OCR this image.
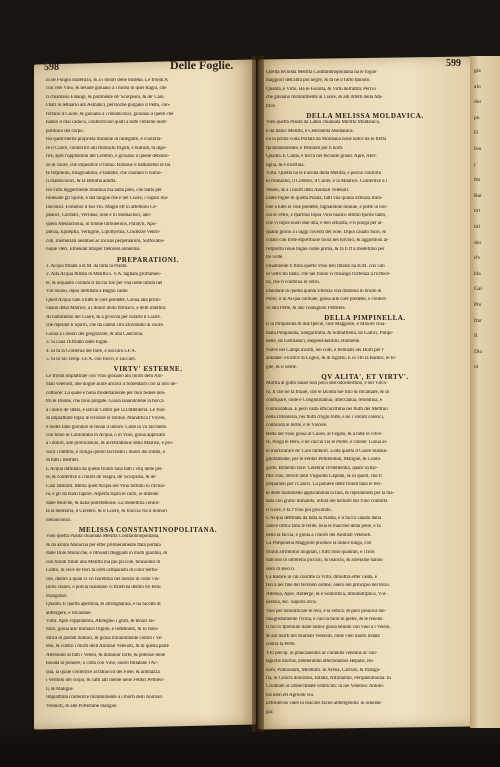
598	Delle Foglie.	599
ni de Funghi malefichi, & à i dolori delle budella. Le frondi A
con l'ele Vino, & beuute giouano à i morsi di quei Ragni, che
fi chiamano Falangi, & parimente de' Scorpioni, & de' Cani.
Diafi in lettuario alli Asmatici, perciòche purgano il Petto, con-
fortano il Cuore, & giouano à i melancolici, giouano à quelli che
hanno il mal caduco, conferifcono quafi à tutte l'interne indif-
pofitioni del corpo.
Ha quest'Herba proprietà mirabile di rallegrare, e conforta-
re il Cuore, conferifce alli ftomachi frigidi, e humidi, fà dige-
rire, apre l'oppilationi del Cerebro, e giouano à quelle debolez-
ze di cuore, che impedifce il fonno. Rimoue il battimento le fal.
fe fofpitioni, imaginationi, e fantafie, che caufano li humo-
ri malenconici, & la flemma adufta.
Ha virtù leggermente foluitiua ma tanta però, che bafta per
folleuare gli Spiriti, e dal fangue che è nel Cuore, i vapori ma-
linconici. Fomentò il fuo vfo. Magni eff in affettioni Ce-
phalici, Cardiaci, Verrinas, nine è in Stomachici, ado-
quein Melancholia, in fomne turbolentos, Paralyfi, Apo-
plexia, Epilepfia, Vertigine, Lipothymia, Crudezze Ventri-
culi, memoriali nentibus ac loculis perpetuarum, Suffocatio-
nique vteri, Emendat infuper fætorem anhelitus.
PREPARATIONI.
1. Acqua ftillata à B.M. da tutta la Pianta.
2. Alla Acqua ftillata di Meliffa s. V.A. tagliata groffamen-
te, & alquanto contufa fi faccia fiar per vna notte infufa nel
Vin buono, dipoi deftillata à Bagno caldo.
Quell'Acqua vale à tutte le cole predette. Gioua alla profo-
cation della Matrice, à i dolori dello ftomaco, e delli inteftini:
Al battimento del Cuore, & à gl'occhi per curarle il Cuore.
che reprime li Spiriti, che da cattiui cibi afcendono al cuore.
Gioua à i dolori del gorgozzole, & alla Cancrena.
3. Si caua l'Effratto dalle foglie.
4. Si fà la Conferua del fiore, e zuccaro s.F.A.
5. Si fà Sir. femp. s.F.A. con fucco, e zuccaro.
VIRTV' ESTERNE.
Le frondi impiaftrate con Vino giouano alli morfi delli Ani-
mali velenofi, alle doglie acute ancora il fomentarfi con la loro de-
cottione: La quale è bona modeftamente per fuoi federe den-
tro le Donne, che fono purgate. Gioua lauandofene la bocca
à i dolor de' denti, e lafciar Cifteri per la Diffenteria. Le fron-
di impiaftrate fopra le fcrofole le rifolue. Mundifica l'Vlcere,
e mefle falle gionture le fenan il dolore. Cotte in vn facchetto
con fieno di Camomilla in Acqua, ò in Vino, gioua applicato
à i dolori, alle profocationi, & all'eftrattione della Matrice, e pro-
uoca i meftrui, e mitiga quello facchetto i dolori dei lombi, e
di tutti i membri.
L'Acqua diftillata da quelle frondi fana tutti i vitij delle pel-
le, & conferifce à i morfi de' Ragni, de' Scorpioni, & de'
Cani rabbiofi. Mefla quell'Acqua nel Vino torbido lo rifchia-
ra, e gli da buon fapore. Afperfa fopra le carni, le difende
dalle Mofche, & dalla putrefattione. La medefima confor-
ta la memoria, il Cerebro, & il Cuore, & fcaccia via li humori
melanconici.
MELISSA CONSTANTINOPOLITANA.
Vien quefta Pianta chiamata Meliffa Conftantinopolitana,
& da alcuni Molucha per effer primieramente ftata portata
dalle Ifole Molucche, e ritrouafi fteggiadi in molti giardini, &
con frondi fimili alla Meliffa ma più piccole, fenzaodor di
Cedro, in vece de fiori fa certi campanelli di color herba-
ceo, dentro à quali vi vn fiorettino nel mezzo di color vio-
laceo chiaro, e pofcia mandano vi ftriefcea dentro tre femi
triangolari.
Qualità. E quefta aperitiua, & aftringhatiua, e hà facoltà di
abftergere, e rifcaldare.
Virtù. Apre l'oppilationi, Afeleghio i grofi, & tenaci hu-
mori, gioua allo ftomaco frigido, e indebolito, & fo mun-
difica di putridi humori, & gioua mirabilmente contro i Ve-
leni, & contro i morfi delli Animali Velenofi, & di quella parte
Alterando di tutti i Veleni, & diminuir forfe, & potenze delle
bonata in poluere, o cotta con Vino, ouero ftillatane l'Ac-
qua, la quale conferifce al trabocco del Fiele, & ammazza
i Vermini del corpo, & cafti alfi mente nelle Febbri Peftilen-
ti, & Maligne.
Impiaftrata conferifce mirabilmente à i morfi delli Animali
Velenofi, & alle Poftemme maligne.
Quefta feconda Meliffa Conftantinopolitana hà le foglie
maggiori dell'altra più negre, & fà ne il fufto fpinofo.
Qualità, e Virtù. Hà le Facoltà, & Virtù dell'altra; Percio
che giouano mirabilmente al Cuore, & alli difetti della Ma-
trice.
DELLA MELISSA MOLDAVICA.
Vien quefta Pianta da Latini chiamata Meliffa Moldauica,
e da Italici Meliffa, e Cedronella Moldauica.
Fà la prima volta Portata da Moldauia noue nafce da fe fteffa
fpontaneamente, e feminafi per li horti.
Qualità. E Calda, e fecca nel fecondo grado. Apre, Afer-
tiglia, & è inciffiua.
Virtù. Quefta hà le Facoltà della Meliffa, e percio conforta
lo ftomacho, il Cerebro, il Cuore, e la Madrice. Conferifce à i
Veleni, & à i morfi delli Animali Velenofi.
Dalle foglie di quefta Pianta, falfi vna quinta Effenza mira-
bile à tutte le cole predette, tagliandole minute, e pofte in boc-
cia di vetro, e fparfoui fopra Vino bianco ottimo fpirito tanto,
che vi fopra nuoti due dita, e ben otturata, e fi ponga per al-
quanti giorni à i raggi cocenti del Sole. Dipoi cauato fuori, &
colato con forte efpreffione fuora nel torchio, & aggiontoui al-
l'efpreffo noue foglie come prima, & fa fi ff à medefimo per
tre volte.
Finalmente fi ftilla quefto Vino ben filtrato hà B.M. con vafi
di vetro fin tanto, che nel fondo vi rimanga l'Effenza à l'Effecè-
za, che fi conferua in vetro.
Dandone di quefta quinta Effenza vna dramma in brodo di
Pollo, ò in Acqua cordiale, gioua alle cofe predette, e conferi-
ce alla Pefte, & alle contagioni Peftifere.
DELLA PIMPINELLA.
E la Pimpinella di due fpecie, cioè Maggiore, e Minore chia-
mata Pimpinella, Sanguiforba, & Sofbaftrella, da Gallici, Pimpi-
nelle, da Germanici, Hegeneckenfim, Bibinelle.
Nafce nei Campi incolti, nei colli, e feminafi nei Horti per l'
anfalate: Fiorifce di Luglio, & di Agofto. E in vfo la Radice, le fo-
glie, & il Seme.
QV ALITA', ET VIRTV'.
Moftra al gufto hauer non poco dell'odoriferttino, e del Vifco-
fo. Il che ne fà fruare, che le facoltà fue fino di rifcaldare, & di
conftipare, onde è Conglutinatiua, difeccatiua, refolutiua, e
confolidatiua. E però valfa efficaciffima nei flufti del Meftruo
nella Difenteria, nei flufti d'ogni forte, e ne i vomiti colerici,
confolida le ferite, e le Viscere.
Retta nel Vino gioua al Cuore, al Fegato, & à tutte le vifce-
re, Purga le Reni, e ne caccia via le Pietre, e l'arene: Gioua al-
le morficature de' Cani rabbiofi. Lodà quefta il Cuore maraui-
gliofamente, per le Febbri Peftilentiali, Maligne, & Conta-
giofe. Rimedio face: Celebrar ch'herbentia, quam Sybar-
fitis vfas, meroli nelli Vnguenti Capitali, & in quelli, che fi
preparano per i Cancri. La poluere delle frondi fana le feri-
te delle mammelle applicandola la fara, & reprimendo per la ma-
tana con grafio himando, infufa nei bichieri del Vino conforta
il cuore, e fà l'Vino più giocondo.
L'Acqua deftillata da tutta la Pianta, e il fucco cauato dalla
radice trefca fana le ferite, leua le macchie della pelle, e fà
bella la faccia, e gioua à i morfi dei Animali Velenofi.
La Pimpinella Maggiore produce la radice lunga, con
frondi all'intorno inugliati, i fufti fono quadrati, e i fiori
nafcono in ombrella piccioli, & bianchi, & amendue hanno
odor di Becco.
La Radice in cui confifte la Virtù, dimoftra effer calda, e
fecca nel fine del fecondo ordine, ouero nel principio del terzo.
Attenua, Apre, Abfterge, & è Sodorifica, Iíthomitriptica, Vul-
neraria, &c. Saporis acris.
Vale per mondificare le reni, e la vefica: & però prouoca me-
rauigliofamente l'vrina, e caccia fuori le pietre, & le renelle.
Il fucco fpremuto dalle radice gioua beuuto con vino à i Veleni,
& alli morfi dei Animali Velenofi, onde vien molto lodata
contra la Pefte.
Vfo precip. in praecauendis ac curandis veneniis ac con-
tagiofis morbis, indeterando affectionibus Hepatis, Re-
num, Pulmonum, Mentium. In Arena, Calculo, & ftrangu-
ria, in Colicis doloribus, Inflata, Affimamur, Peripneumonia: In
Cruditate ac imbecillitate ventriculi: in lue Venerea: Antido-
tus item eft Agreotti vni.
Effrinfecus valet in maculis faciei abftergendis: in odontal-
gia:
gia
alo
dor
pu
Fi
fou
r
Im
Bar
tirt
tiri
dor
d'v
bla
Gal
Pin
ftar
Il
Dio
m
